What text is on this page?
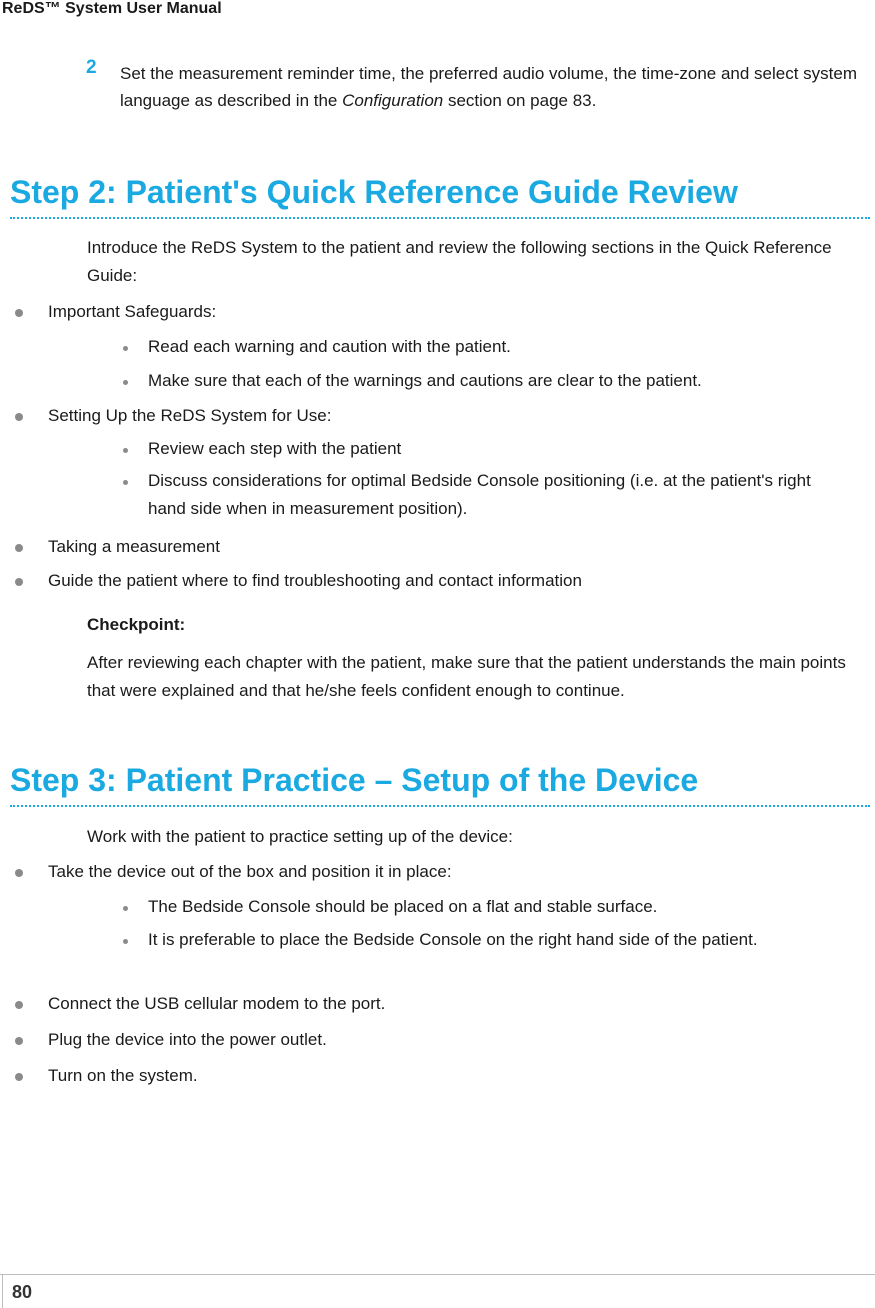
ReDS™ System User Manual
2 Set the measurement reminder time, the preferred audio volume, the time-zone and select system language as described in the Configuration section on page 83.
Step 2: Patient's Quick Reference Guide Review
Introduce the ReDS System to the patient and review the following sections in the Quick Reference Guide:
Important Safeguards:
Read each warning and caution with the patient.
Make sure that each of the warnings and cautions are clear to the patient.
Setting Up the ReDS System for Use:
Review each step with the patient
Discuss considerations for optimal Bedside Console positioning (i.e. at the patient's right hand side when in measurement position).
Taking a measurement
Guide the patient where to find troubleshooting and contact information
Checkpoint:
After reviewing each chapter with the patient, make sure that the patient understands the main points that were explained and that he/she feels confident enough to continue.
Step 3: Patient Practice – Setup of the Device
Work with the patient to practice setting up of the device:
Take the device out of the box and position it in place:
The Bedside Console should be placed on a flat and stable surface.
It is preferable to place the Bedside Console on the right hand side of the patient.
Connect the USB cellular modem to the port.
Plug the device into the power outlet.
Turn on the system.
80
